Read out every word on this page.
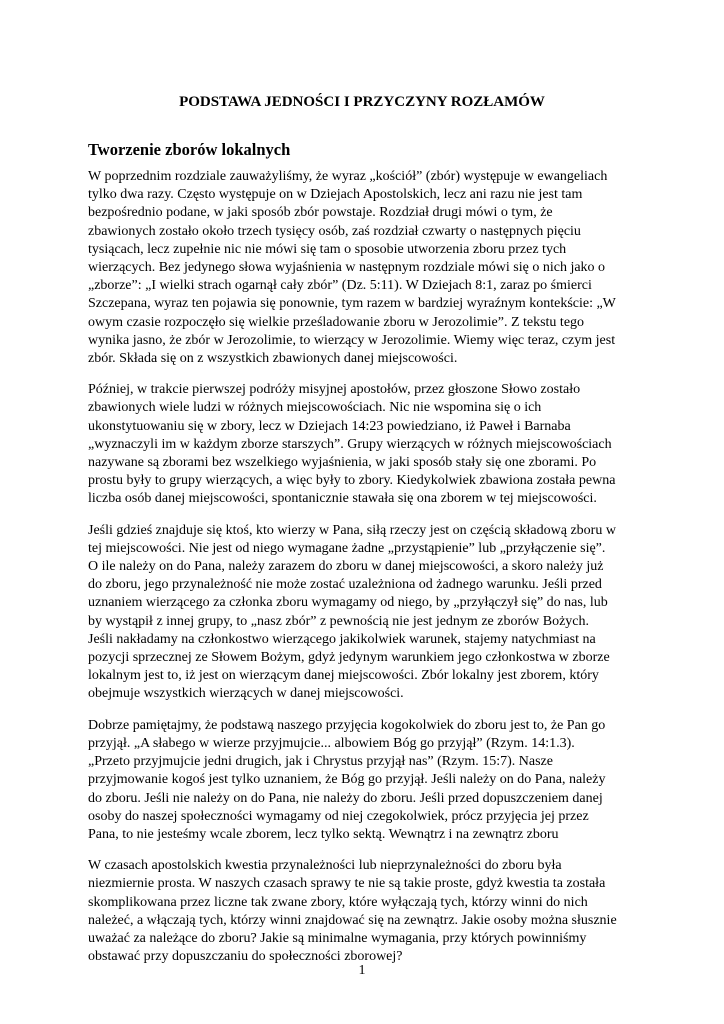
PODSTAWA JEDNOŚCI I PRZYCZYNY ROZŁAMÓW
Tworzenie zborów lokalnych

W poprzednim rozdziale zauważyliśmy, że wyraz „kościół” (zbór) występuje w ewangeliach
tylko dwa razy. Często występuje on w Dziejach Apostolskich, lecz ani razu nie jest tam
bezpośrednio podane, w jaki sposób zbór powstaje. Rozdział drugi mówi o tym, że
zbawionych zostało około trzech tysięcy osób, zaś rozdział czwarty o następnych pięciu
tysiącach, lecz zupełnie nic nie mówi się tam o sposobie utworzenia zboru przez tych
wierzących. Bez jedynego słowa wyjaśnienia w następnym rozdziale mówi się o nich jako o
„zborze”: „I wielki strach ogarnął cały zbór” (Dz. 5:11). W Dziejach 8:1, zaraz po śmierci
Szczepana, wyraz ten pojawia się ponownie, tym razem w bardziej wyraźnym kontekście: „W
owym czasie rozpoczęło się wielkie prześladowanie zboru w Jerozolimie”. Z tekstu tego
wynika jasno, że zbór w Jerozolimie, to wierzący w Jerozolimie. Wiemy więc teraz, czym jest
zbór. Składa się on z wszystkich zbawionych danej miejscowości.

Później, w trakcie pierwszej podróży misyjnej apostołów, przez głoszone Słowo zostało
zbawionych wiele ludzi w różnych miejscowościach. Nic nie wspomina się o ich
ukonstytuowaniu się w zbory, lecz w Dziejach 14:23 powiedziano, iż Paweł i Barnaba
„wyznaczyli im w każdym zborze starszych”. Grupy wierzących w różnych miejscowościach
nazywane są zborami bez wszelkiego wyjaśnienia, w jaki sposób stały się one zborami. Po
prostu były to grupy wierzących, a więc były to zbory. Kiedykolwiek zbawiona została pewna
liczba osób danej miejscowości, spontanicznie stawała się ona zborem w tej miejscowości.

Jeśli gdzieś znajduje się ktoś, kto wierzy w Pana, siłą rzeczy jest on częścią składową zboru w
tej miejscowości. Nie jest od niego wymagane żadne „przystąpienie” lub „przyłączenie się”.
O ile należy on do Pana, należy zarazem do zboru w danej miejscowości, a skoro należy już
do zboru, jego przynależność nie może zostać uzależniona od żadnego warunku. Jeśli przed
uznaniem wierzącego za członka zboru wymagamy od niego, by „przyłączył się” do nas, lub
by wystąpił z innej grupy, to „nasz zbór” z pewnością nie jest jednym ze zborów Bożych.
Jeśli nakładamy na członkostwo wierzącego jakikolwiek warunek, stajemy natychmiast na
pozycji sprzecznej ze Słowem Bożym, gdyż jedynym warunkiem jego członkostwa w zborze
lokalnym jest to, iż jest on wierzącym danej miejscowości. Zbór lokalny jest zborem, który
obejmuje wszystkich wierzących w danej miejscowości.

Dobrze pamiętajmy, że podstawą naszego przyjęcia kogokolwiek do zboru jest to, że Pan go
przyjął. „A słabego w wierze przyjmujcie... albowiem Bóg go przyjął” (Rzym. 14:1.3).
„Przeto przyjmujcie jedni drugich, jak i Chrystus przyjął nas” (Rzym. 15:7). Nasze
przyjmowanie kogoś jest tylko uznaniem, że Bóg go przyjął. Jeśli należy on do Pana, należy
do zboru. Jeśli nie należy on do Pana, nie należy do zboru. Jeśli przed dopuszczeniem danej
osoby do naszej społeczności wymagamy od niej czegokolwiek, prócz przyjęcia jej przez
Pana, to nie jesteśmy wcale zborem, lecz tylko sektą. Wewnątrz i na zewnątrz zboru

W czasach apostolskich kwestia przynależności lub nieprzynależności do zboru była
niezmiernie prosta. W naszych czasach sprawy te nie są takie proste, gdyż kwestia ta została
skomplikowana przez liczne tak zwane zbory, które wyłączają tych, którzy winni do nich
należeć, a włączają tych, którzy winni znajdować się na zewnątrz. Jakie osoby można słusznie
uważać za należące do zboru? Jakie są minimalne wymagania, przy których powinniśmy
obstawać przy dopuszczaniu do społeczności zborowej?

1
